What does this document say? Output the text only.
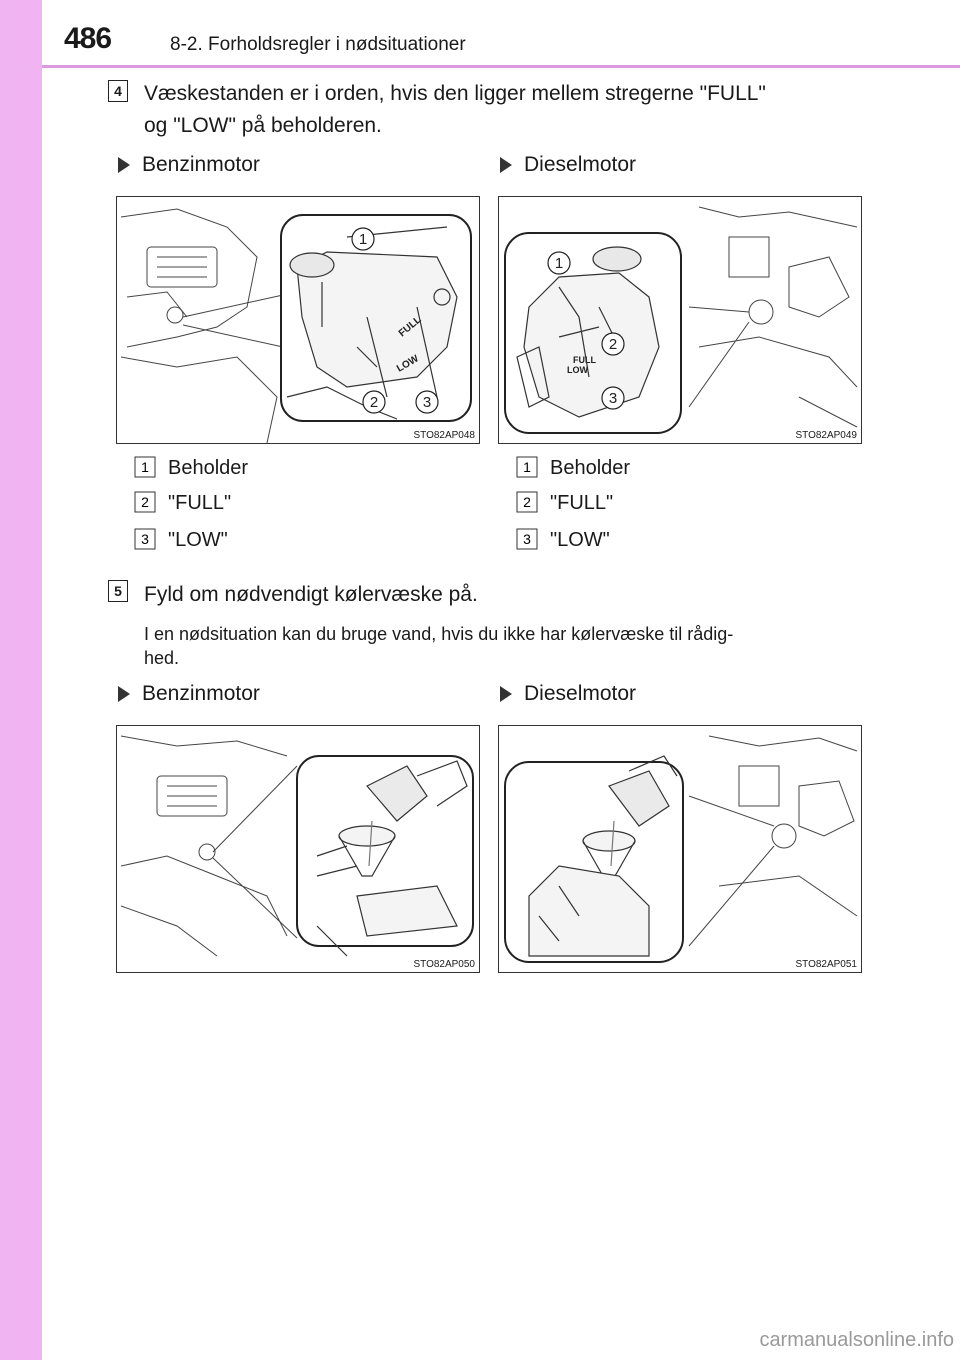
486	8-2. Forholdsregler i nødsituationer
4 Væskestanden er i orden, hvis den ligger mellem stregerne "FULL"
og "LOW" på beholderen.
Benzinmotor	Dieselmotor
FULL
LOW
1
2	3
STO82AP048
FULL
LOW
1
2
3
STO82AP049
1 Beholder
2 "FULL"
3 "LOW"
1 Beholder
2 "FULL"
3 "LOW"
5 Fyld om nødvendigt kølervæske på.
I en nødsituation kan du bruge vand, hvis du ikke har kølervæske til rådig-
hed.
Benzinmotor	Dieselmotor
STO82AP050	STO82AP051
carmanualsonline.info
